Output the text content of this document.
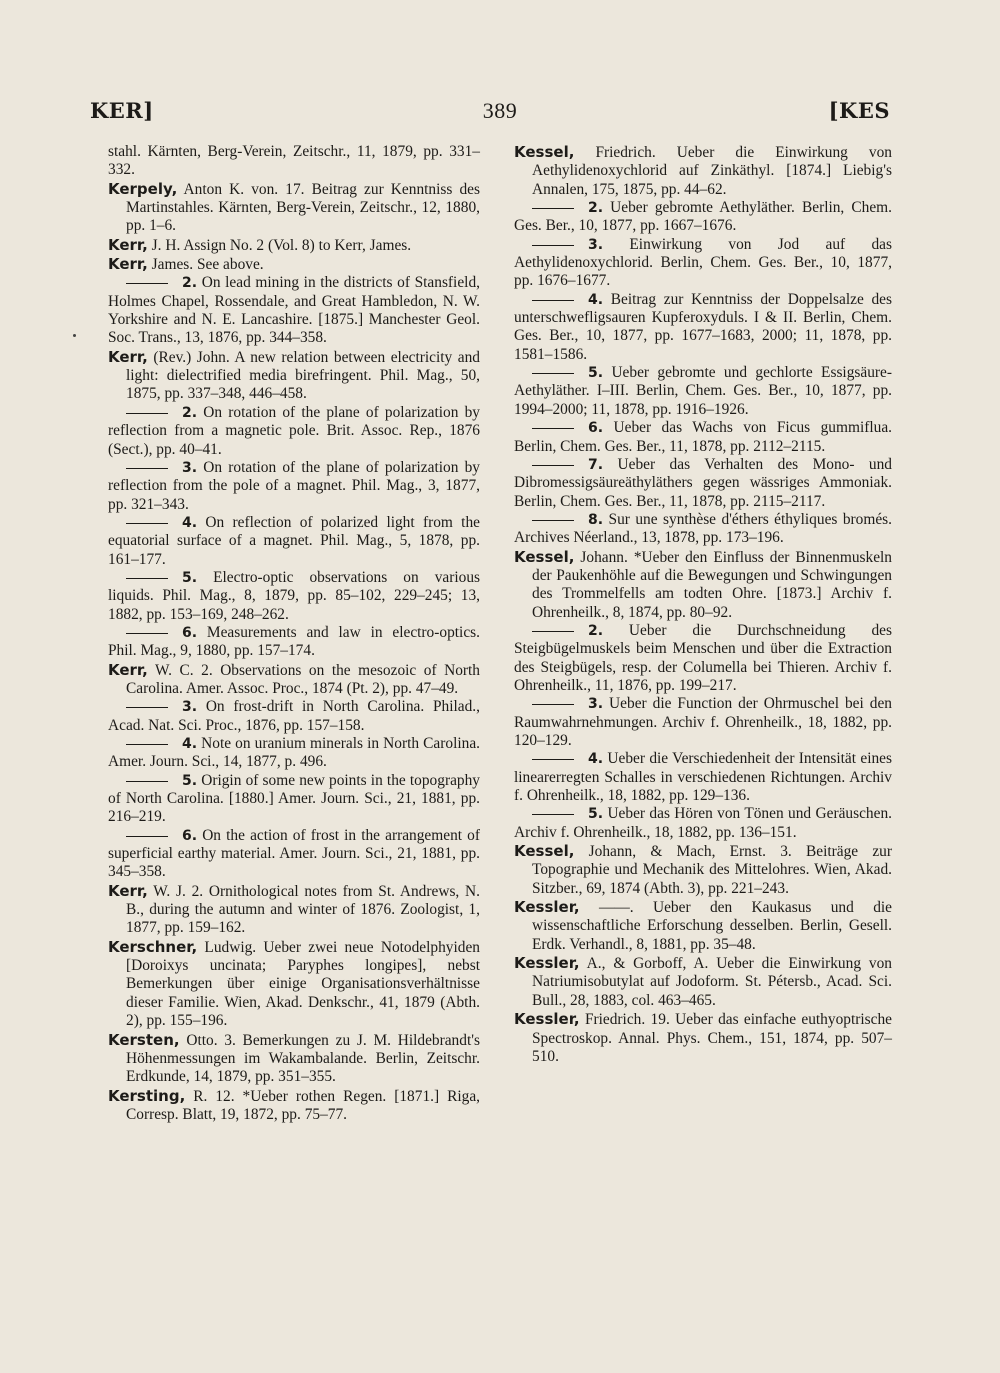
KER]	389	[KES

stahl. Kärnten, Berg-Verein, Zeitschr., 11, 1879, pp. 331–332.

Kerpely, Anton K. von. 17. Beitrag zur Kenntniss des Martinstahles. Kärnten, Berg-Verein, Zeitschr., 12, 1880, pp. 1–6.

Kerr, J. H. Assign No. 2 (Vol. 8) to Kerr, James.

Kerr, James. See above.

2. On lead mining in the districts of Stansfield, Holmes Chapel, Rossendale, and Great Hambledon, N. W. Yorkshire and N. E. Lancashire. [1875.] Manchester Geol. Soc. Trans., 13, 1876, pp. 344–358.

Kerr, (Rev.) John. A new relation between electricity and light: dielectrified media birefringent. Phil. Mag., 50, 1875, pp. 337–348, 446–458.

2. On rotation of the plane of polarization by reflection from a magnetic pole. Brit. Assoc. Rep., 1876 (Sect.), pp. 40–41.

3. On rotation of the plane of polarization by reflection from the pole of a magnet. Phil. Mag., 3, 1877, pp. 321–343.

4. On reflection of polarized light from the equatorial surface of a magnet. Phil. Mag., 5, 1878, pp. 161–177.

5. Electro-optic observations on various liquids. Phil. Mag., 8, 1879, pp. 85–102, 229–245; 13, 1882, pp. 153–169, 248–262.

6. Measurements and law in electro-optics. Phil. Mag., 9, 1880, pp. 157–174.

Kerr, W. C. 2. Observations on the mesozoic of North Carolina. Amer. Assoc. Proc., 1874 (Pt. 2), pp. 47–49.

3. On frost-drift in North Carolina. Philad., Acad. Nat. Sci. Proc., 1876, pp. 157–158.

4. Note on uranium minerals in North Carolina. Amer. Journ. Sci., 14, 1877, p. 496.

5. Origin of some new points in the topography of North Carolina. [1880.] Amer. Journ. Sci., 21, 1881, pp. 216–219.

6. On the action of frost in the arrangement of superficial earthy material. Amer. Journ. Sci., 21, 1881, pp. 345–358.

Kerr, W. J. 2. Ornithological notes from St. Andrews, N. B., during the autumn and winter of 1876. Zoologist, 1, 1877, pp. 159–162.

Kerschner, Ludwig. Ueber zwei neue Notodelphyiden [Doroixys uncinata; Paryphes longipes], nebst Bemerkungen über einige Organisationsverhältnisse dieser Familie. Wien, Akad. Denkschr., 41, 1879 (Abth. 2), pp. 155–196.

Kersten, Otto. 3. Bemerkungen zu J. M. Hildebrandt's Höhenmessungen im Wakambalande. Berlin, Zeitschr. Erdkunde, 14, 1879, pp. 351–355.

Kersting, R. 12. *Ueber rothen Regen. [1871.] Riga, Corresp. Blatt, 19, 1872, pp. 75–77.

Kessel, Friedrich. Ueber die Einwirkung von Aethylidenoxychlorid auf Zinkäthyl. [1874.] Liebig's Annalen, 175, 1875, pp. 44–62.

2. Ueber gebromte Aethyläther. Berlin, Chem. Ges. Ber., 10, 1877, pp. 1667–1676.

3. Einwirkung von Jod auf das Aethylidenoxychlorid. Berlin, Chem. Ges. Ber., 10, 1877, pp. 1676–1677.

4. Beitrag zur Kenntniss der Doppelsalze des unterschwefligsauren Kupferoxyduls. I & II. Berlin, Chem. Ges. Ber., 10, 1877, pp. 1677–1683, 2000; 11, 1878, pp. 1581–1586.

5. Ueber gebromte und gechlorte Essigsäure-Aethyläther. I–III. Berlin, Chem. Ges. Ber., 10, 1877, pp. 1994–2000; 11, 1878, pp. 1916–1926.

6. Ueber das Wachs von Ficus gummiflua. Berlin, Chem. Ges. Ber., 11, 1878, pp. 2112–2115.

7. Ueber das Verhalten des Mono- und Dibromessigsäureäthyläthers gegen wässriges Ammoniak. Berlin, Chem. Ges. Ber., 11, 1878, pp. 2115–2117.

8. Sur une synthèse d'éthers éthyliques bromés. Archives Néerland., 13, 1878, pp. 173–196.

Kessel, Johann. *Ueber den Einfluss der Binnenmuskeln der Paukenhöhle auf die Bewegungen und Schwingungen des Trommelfells am todten Ohre. [1873.] Archiv f. Ohrenheilk., 8, 1874, pp. 80–92.

2. Ueber die Durchschneidung des Steigbügelmuskels beim Menschen und über die Extraction des Steigbügels, resp. der Columella bei Thieren. Archiv f. Ohrenheilk., 11, 1876, pp. 199–217.

3. Ueber die Function der Ohrmuschel bei den Raumwahrnehmungen. Archiv f. Ohrenheilk., 18, 1882, pp. 120–129.

4. Ueber die Verschiedenheit der Intensität eines linearerregten Schalles in verschiedenen Richtungen. Archiv f. Ohrenheilk., 18, 1882, pp. 129–136.

5. Ueber das Hören von Tönen und Geräuschen. Archiv f. Ohrenheilk., 18, 1882, pp. 136–151.

Kessel, Johann, & Mach, Ernst. 3. Beiträge zur Topographie und Mechanik des Mittelohres. Wien, Akad. Sitzber., 69, 1874 (Abth. 3), pp. 221–243.

Kessler, ——. Ueber den Kaukasus und die wissenschaftliche Erforschung desselben. Berlin, Gesell. Erdk. Verhandl., 8, 1881, pp. 35–48.

Kessler, A., & Gorboff, A. Ueber die Einwirkung von Natriumisobutylat auf Jodoform. St. Pétersb., Acad. Sci. Bull., 28, 1883, col. 463–465.

Kessler, Friedrich. 19. Ueber das einfache euthyoptrische Spectroskop. Annal. Phys. Chem., 151, 1874, pp. 507–510.
